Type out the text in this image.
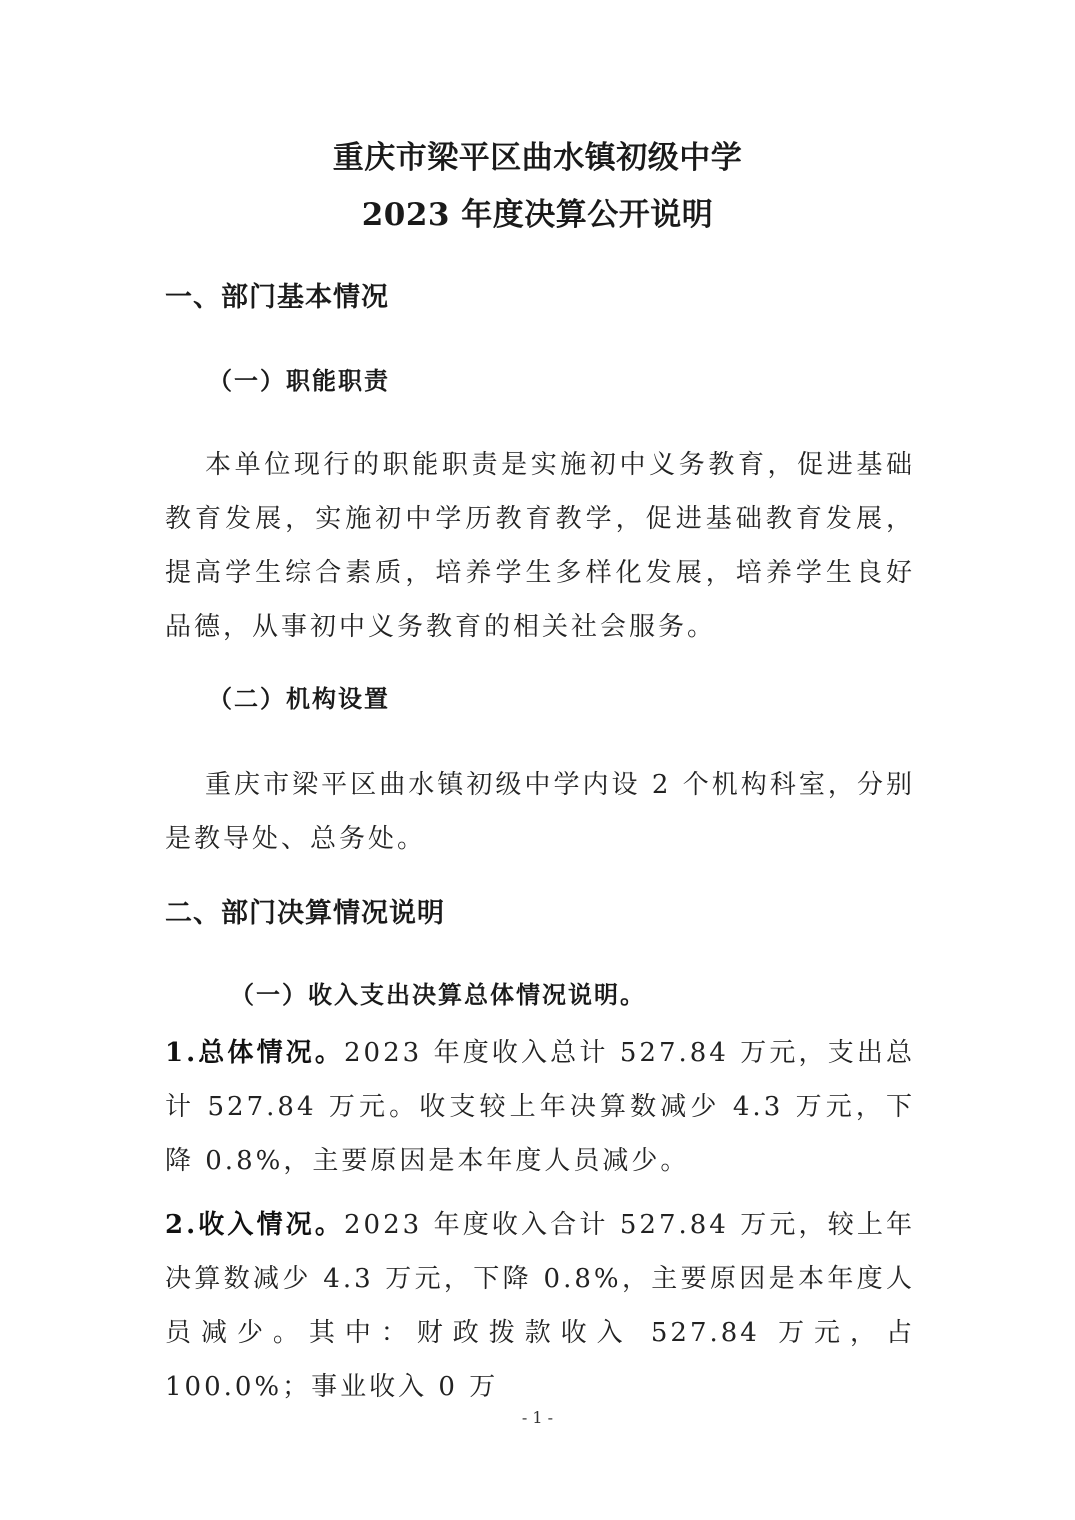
重庆市梁平区曲水镇初级中学
2023 年度决算公开说明
一、部门基本情况
（一）职能职责
本单位现行的职能职责是实施初中义务教育，促进基础教育发展，实施初中学历教育教学，促进基础教育发展，提高学生综合素质，培养学生多样化发展，培养学生良好品德，从事初中义务教育的相关社会服务。
（二）机构设置
重庆市梁平区曲水镇初级中学内设 2 个机构科室，分别是教导处、总务处。
二、部门决算情况说明
（一）收入支出决算总体情况说明。
1.总体情况。2023 年度收入总计 527.84 万元，支出总计 527.84 万元。收支较上年决算数减少 4.3 万元，下降 0.8%，主要原因是本年度人员减少。
2.收入情况。2023 年度收入合计 527.84 万元，较上年决算数减少 4.3 万元，下降 0.8%，主要原因是本年度人员减少。其中：财政拨款收入 527.84 万元，占 100.0%；事业收入 0 万
- 1 -
